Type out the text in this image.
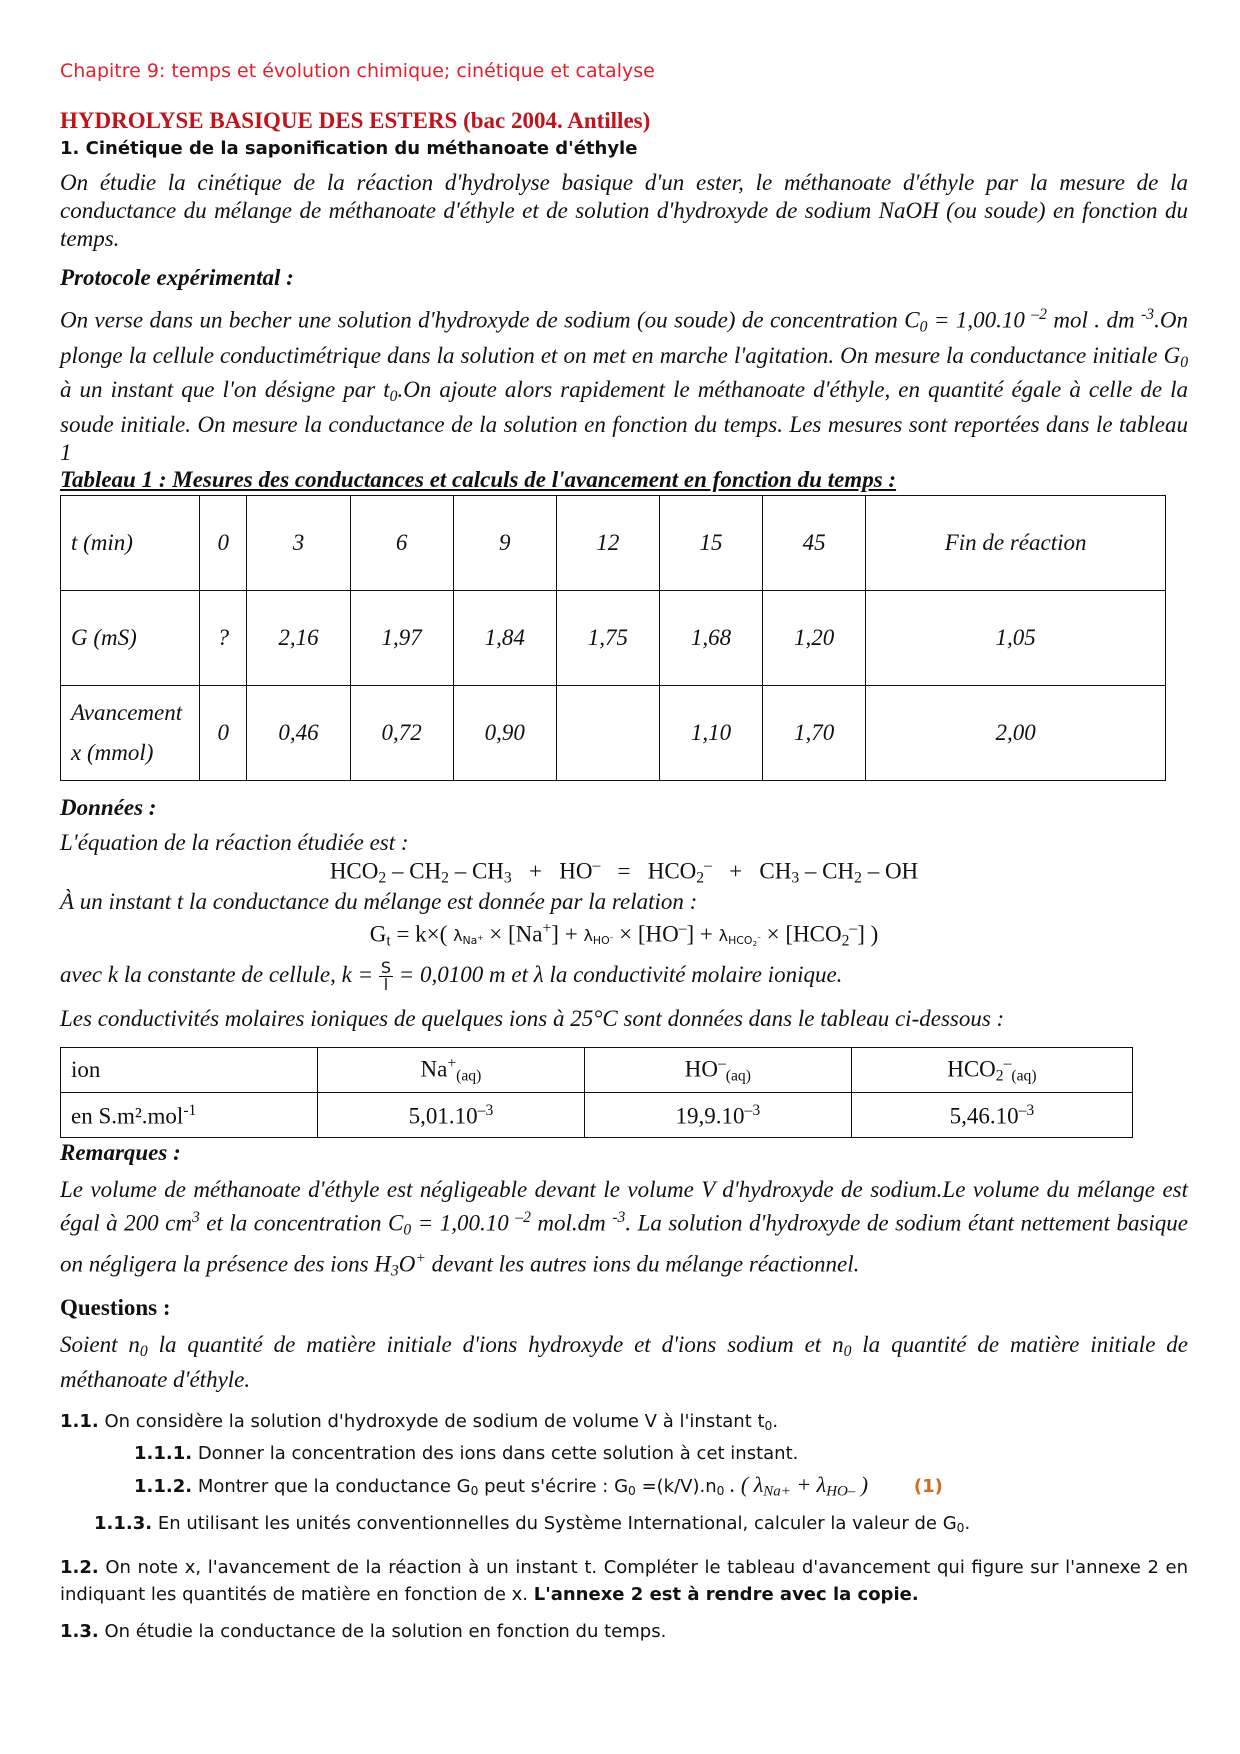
Chapitre 9: temps et évolution chimique; cinétique et catalyse
HYDROLYSE BASIQUE DES ESTERS (bac 2004. Antilles)
1. Cinétique de la saponification du méthanoate d'éthyle

On étudie la cinétique de la réaction d'hydrolyse basique d'un ester, le méthanoate d'éthyle par la mesure de la conductance du mélange de méthanoate d'éthyle et de solution d'hydroxyde de sodium NaOH (ou soude) en fonction du temps.

Protocole expérimental :

On verse dans un becher une solution d'hydroxyde de sodium (ou soude) de concentration $C_0 = 1,00.10$ $^{-2}$ mol . dm $^{-3}$.On plonge la cellule conductimétrique dans la solution et on met en marche l'agitation. On mesure la conductance initiale $G_0$ à un instant que l'on désigne par $t_0.On$ ajoute alors rapidement le méthanoate d'éthyle, en quantité égale à celle de la soude initiale. On mesure la conductance de la solution en fonction du temps. Les mesures sont reportées dans le tableau 1

Tableau 1 : Mesures des conductances et calculs de l'avancement en fonction du temps :

t (min)	0	3	6	9	12	15	45	Fin de réaction
G (mS)	?	2,16	1,97	1,84	1,75	1,68	1,20	1,05
Avancement
x (mmol)	0	0,46	0,72	0,90		1,10	1,70	2,00

Données :

L'équation de la réaction étudiée est :

$HCO_2 - CH_2 - CH_3 + HO^- = HCO_2^- + CH_3 - CH_2$ – OH

À un instant t la conductance du mélange est donnée par la relation :

$G_t = k\times$( $\lambda_{Na^+} \times [Na^+] + \lambda_{HO^-} \times [HO^-] + \lambda_{HCO_2^-} \times [HCO_2^-]$ )

avec k la constante de cellule, $k = \frac{S}{l} = 0,0100$ m et λ la conductivité molaire ionique.

Les conductivités molaires ioniques de quelques ions à 25°C sont données dans le tableau ci-dessous :

ion	$Na^+_{(aq)}$	$HO^-_{(aq)}$	$HCO_2^-_{(aq)}$
en S.m².mol$^{-1}$	$5,01.10^{-3}$	$19,9.10^{-3}$	$5,46.10^{-3}$

Remarques :

Le volume de méthanoate d'éthyle est négligeable devant le volume V d'hydroxyde de sodium.Le volume du mélange est égal à 200 $cm^3$ et la concentration $C_0 = 1,00.10$ $^{-2}$ mol.dm $^{-3}$. La solution d'hydroxyde de sodium étant nettement basique on négligera la présence des ions $H_3O^+$ devant les autres ions du mélange réactionnel.

Questions :

Soient $n_0$ la quantité de matière initiale d'ions hydroxyde et d'ions sodium et $n_0$ la quantité de matière initiale de méthanoate d'éthyle.

1.1. On considère la solution d'hydroxyde de sodium de volume V à l'instant $t_0$.

1.1.1. Donner la concentration des ions dans cette solution à cet instant.

1.1.2. Montrer que la conductance $G_0$ peut s'écrire : $G_0 =(k/V).n_0$ . ( $\lambda_{Na+} + \lambda_{HO-}$ )	(1)

1.1.3. En utilisant les unités conventionnelles du Système International, calculer la valeur de $G_0$.

1.2. On note x, l'avancement de la réaction à un instant t. Compléter le tableau d'avancement qui figure sur l'annexe 2 en indiquant les quantités de matière en fonction de x. L'annexe 2 est à rendre avec la copie.

1.3. On étudie la conductance de la solution en fonction du temps.
